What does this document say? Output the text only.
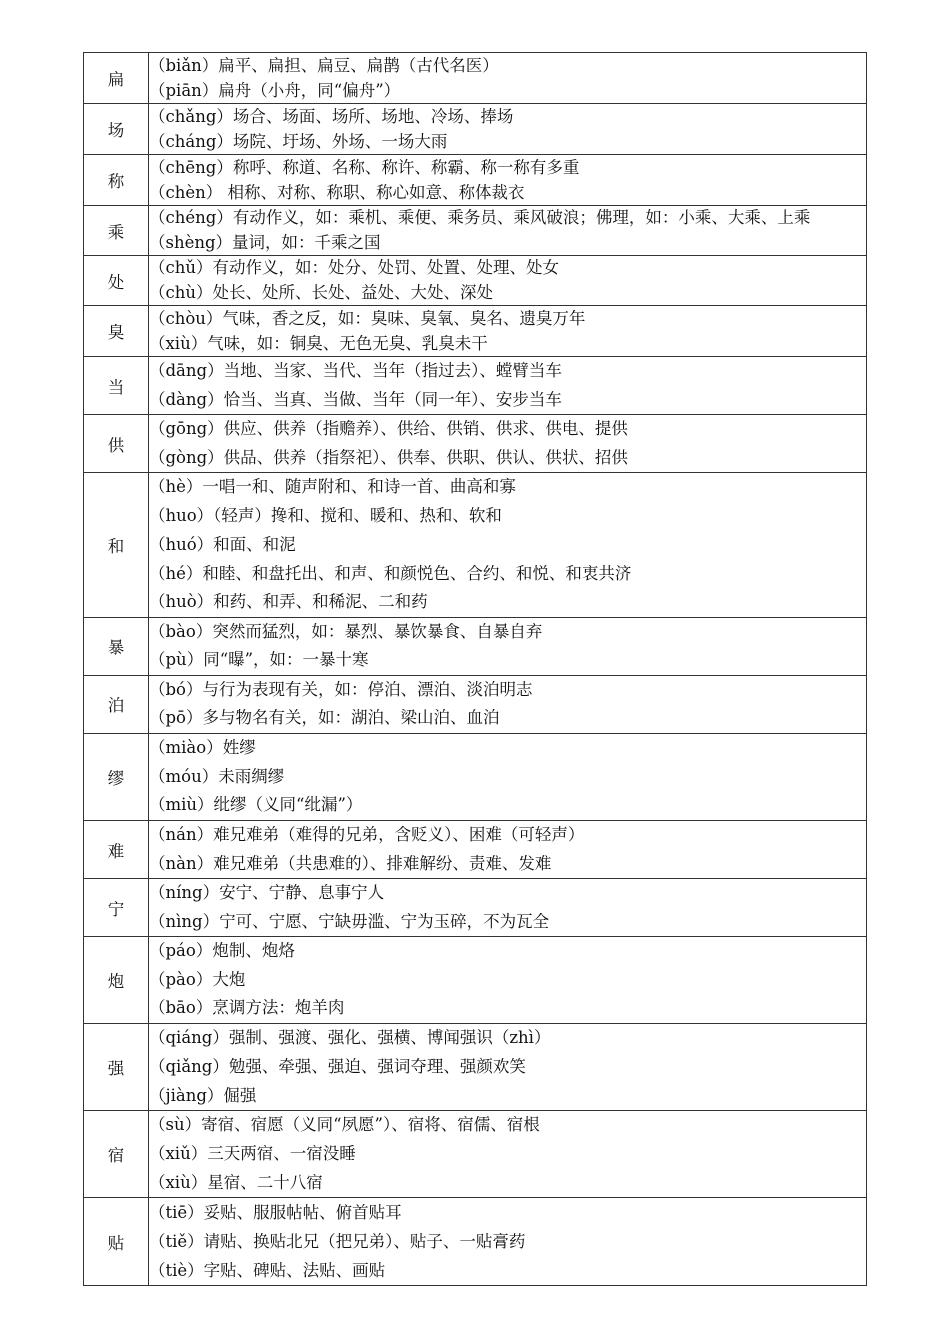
扁	（biǎn）扁平、扁担、扁豆、扁鹊（古代名医）
（piān）扁舟（小舟，同“偏舟”）

场	（chǎng）场合、场面、场所、场地、冷场、捧场
（cháng）场院、圩场、外场、一场大雨

称	（chēng）称呼、称道、名称、称许、称霸、称一称有多重
（chèn） 相称、对称、称职、称心如意、称体裁衣

乘	（chéng）有动作义，如：乘机、乘便、乘务员、乘风破浪；佛理，如：小乘、大乘、上乘
（shèng）量词，如：千乘之国

处	（chǔ）有动作义，如：处分、处罚、处置、处理、处女
（chù）处长、处所、长处、益处、大处、深处

臭	（chòu）气味，香之反，如：臭味、臭氧、臭名、遗臭万年
（xiù）气味，如：铜臭、无色无臭、乳臭未干

当	（dāng）当地、当家、当代、当年（指过去）、螳臂当车
（dàng）恰当、当真、当做、当年（同一年）、安步当车

供	（gōng）供应、供养（指赡养）、供给、供销、供求、供电、提供
（gòng）供品、供养（指祭祀）、供奉、供职、供认、供状、招供

和	（hè）一唱一和、随声附和、和诗一首、曲高和寡
（huo）（轻声）搀和、搅和、暖和、热和、软和
（huó）和面、和泥
（hé）和睦、和盘托出、和声、和颜悦色、合约、和悦、和衷共济
（huò）和药、和弄、和稀泥、二和药

暴	（bào）突然而猛烈，如：暴烈、暴饮暴食、自暴自弃
（pù）同“曝”，如：一暴十寒

泊	（bó）与行为表现有关，如：停泊、漂泊、淡泊明志
（pō）多与物名有关，如：湖泊、梁山泊、血泊

缪	（miào）姓缪
（móu）未雨绸缪
（miù）纰缪（义同“纰漏”）

难	（nán）难兄难弟（难得的兄弟，含贬义）、困难（可轻声）
（nàn）难兄难弟（共患难的）、排难解纷、责难、发难

宁	（níng）安宁、宁静、息事宁人
（nìng）宁可、宁愿、宁缺毋滥、宁为玉碎，不为瓦全

炮	（páo）炮制、炮烙
（pào）大炮
（bāo）烹调方法：炮羊肉

强	（qiáng）强制、强渡、强化、强横、博闻强识（zhì）
（qiǎng）勉强、牵强、强迫、强词夺理、强颜欢笑
（jiàng）倔强

宿	（sù）寄宿、宿愿（义同“夙愿”）、宿将、宿儒、宿根
（xiǔ）三天两宿、一宿没睡
（xiù）星宿、二十八宿

贴	（tiē）妥贴、服服帖帖、俯首贴耳
（tiě）请贴、换贴北兄（把兄弟）、贴子、一贴膏药
（tiè）字贴、碑贴、法贴、画贴
